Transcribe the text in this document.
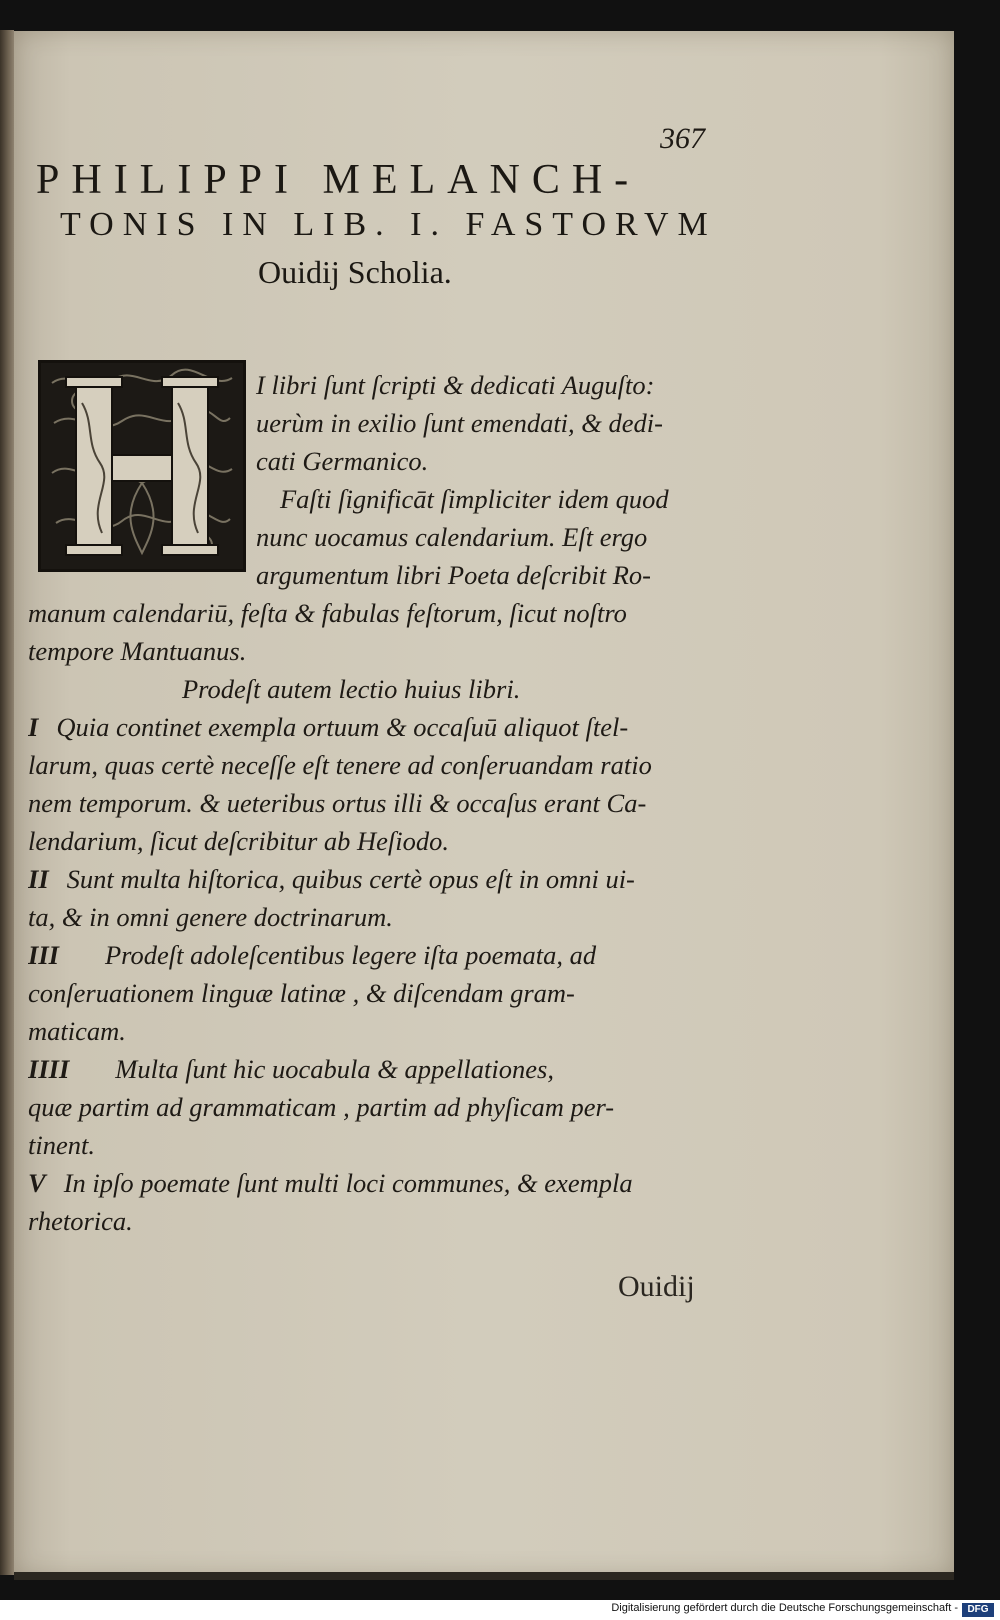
367
PHILIPPI MELANCH-
TONIS IN LIB. I. FASTORVM
Ouidij Scholia.
I libri ſunt ſcripti & dedicati Auguſto:
uerùm in exilio ſunt emendati, & dedi-
cati Germanico.
Faſti ſignificāt ſimpliciter idem quod
nunc uocamus calendarium. Eſt ergo
argumentum libri Poeta deſcribit Ro-
manum calendariū, feſta & fabulas feſtorum, ſicut noſtro
tempore Mantuanus.
Prodeſt autem lectio huius libri.
I Quia continet exempla ortuum & occaſuū aliquot ſtel-
larum, quas certè neceſſe eſt tenere ad conſeruandam ratio
nem temporum. & ueteribus ortus illi & occaſus erant Ca-
lendarium, ſicut deſcribitur ab Heſiodo.
II Sunt multa hiſtorica, quibus certè opus eſt in omni ui-
ta, & in omni genere doctrinarum.
III Prodeſt adoleſcentibus legere iſta poemata, ad
conſeruationem linguæ latinæ , & diſcendam gram-
maticam.
IIII Multa ſunt hic uocabula & appellationes,
quæ partim ad grammaticam , partim ad phyſicam per-
tinent.
V In ipſo poemate ſunt multi loci communes, & exempla
rhetorica.
Ouidij
Digitalisierung gefördert durch die Deutsche Forschungsgemeinschaft - DFG
